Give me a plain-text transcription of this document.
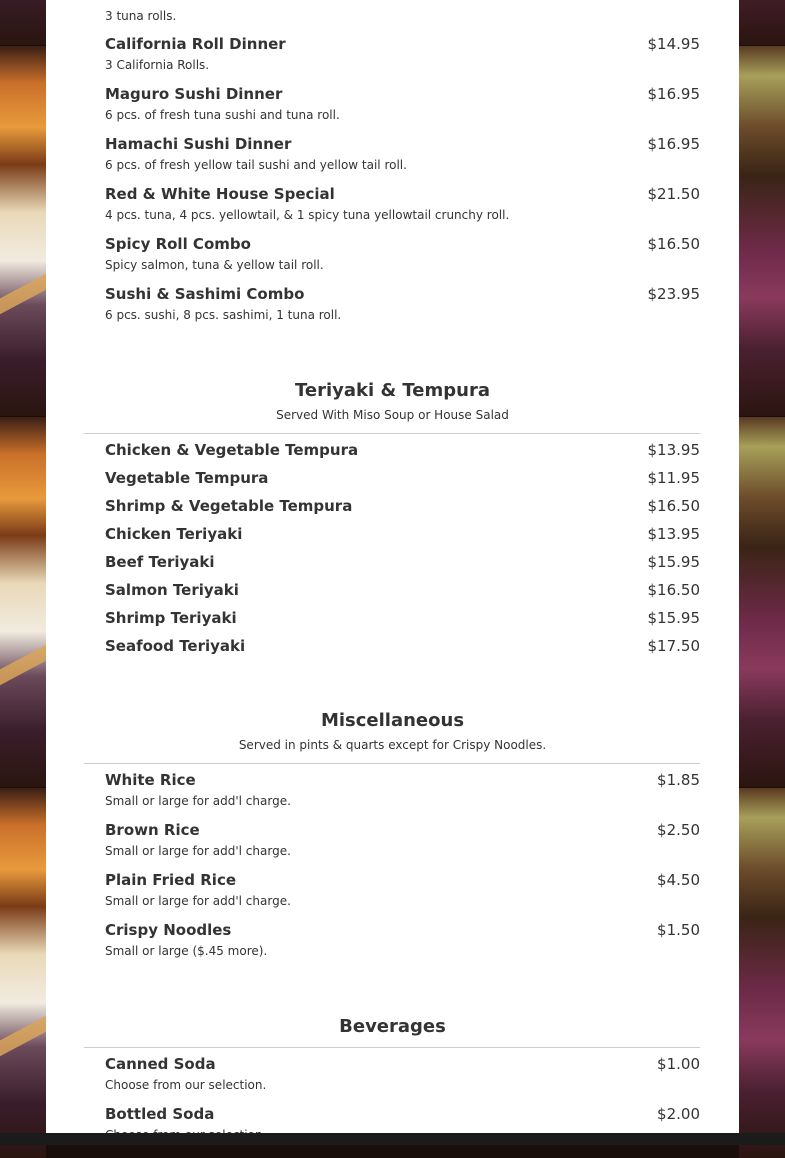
3 tuna rolls.
California Roll Dinner	$14.95
3 California Rolls.
Maguro Sushi Dinner	$16.95
6 pcs. of fresh tuna sushi and tuna roll.
Hamachi Sushi Dinner	$16.95
6 pcs. of fresh yellow tail sushi and yellow tail roll.
Red & White House Special	$21.50
4 pcs. tuna, 4 pcs. yellowtail, & 1 spicy tuna yellowtail crunchy roll.
Spicy Roll Combo	$16.50
Spicy salmon, tuna & yellow tail roll.
Sushi & Sashimi Combo	$23.95
6 pcs. sushi, 8 pcs. sashimi, 1 tuna roll.
Teriyaki & Tempura
Served With Miso Soup or House Salad
Chicken & Vegetable Tempura	$13.95
Vegetable Tempura	$11.95
Shrimp & Vegetable Tempura	$16.50
Chicken Teriyaki	$13.95
Beef Teriyaki	$15.95
Salmon Teriyaki	$16.50
Shrimp Teriyaki	$15.95
Seafood Teriyaki	$17.50
Miscellaneous
Served in pints & quarts except for Crispy Noodles.
White Rice	$1.85
Small or large for add'l charge.
Brown Rice	$2.50
Small or large for add'l charge.
Plain Fried Rice	$4.50
Small or large for add'l charge.
Crispy Noodles	$1.50
Small or large ($.45 more).
Beverages
Canned Soda	$1.00
Choose from our selection.
Bottled Soda	$2.00
